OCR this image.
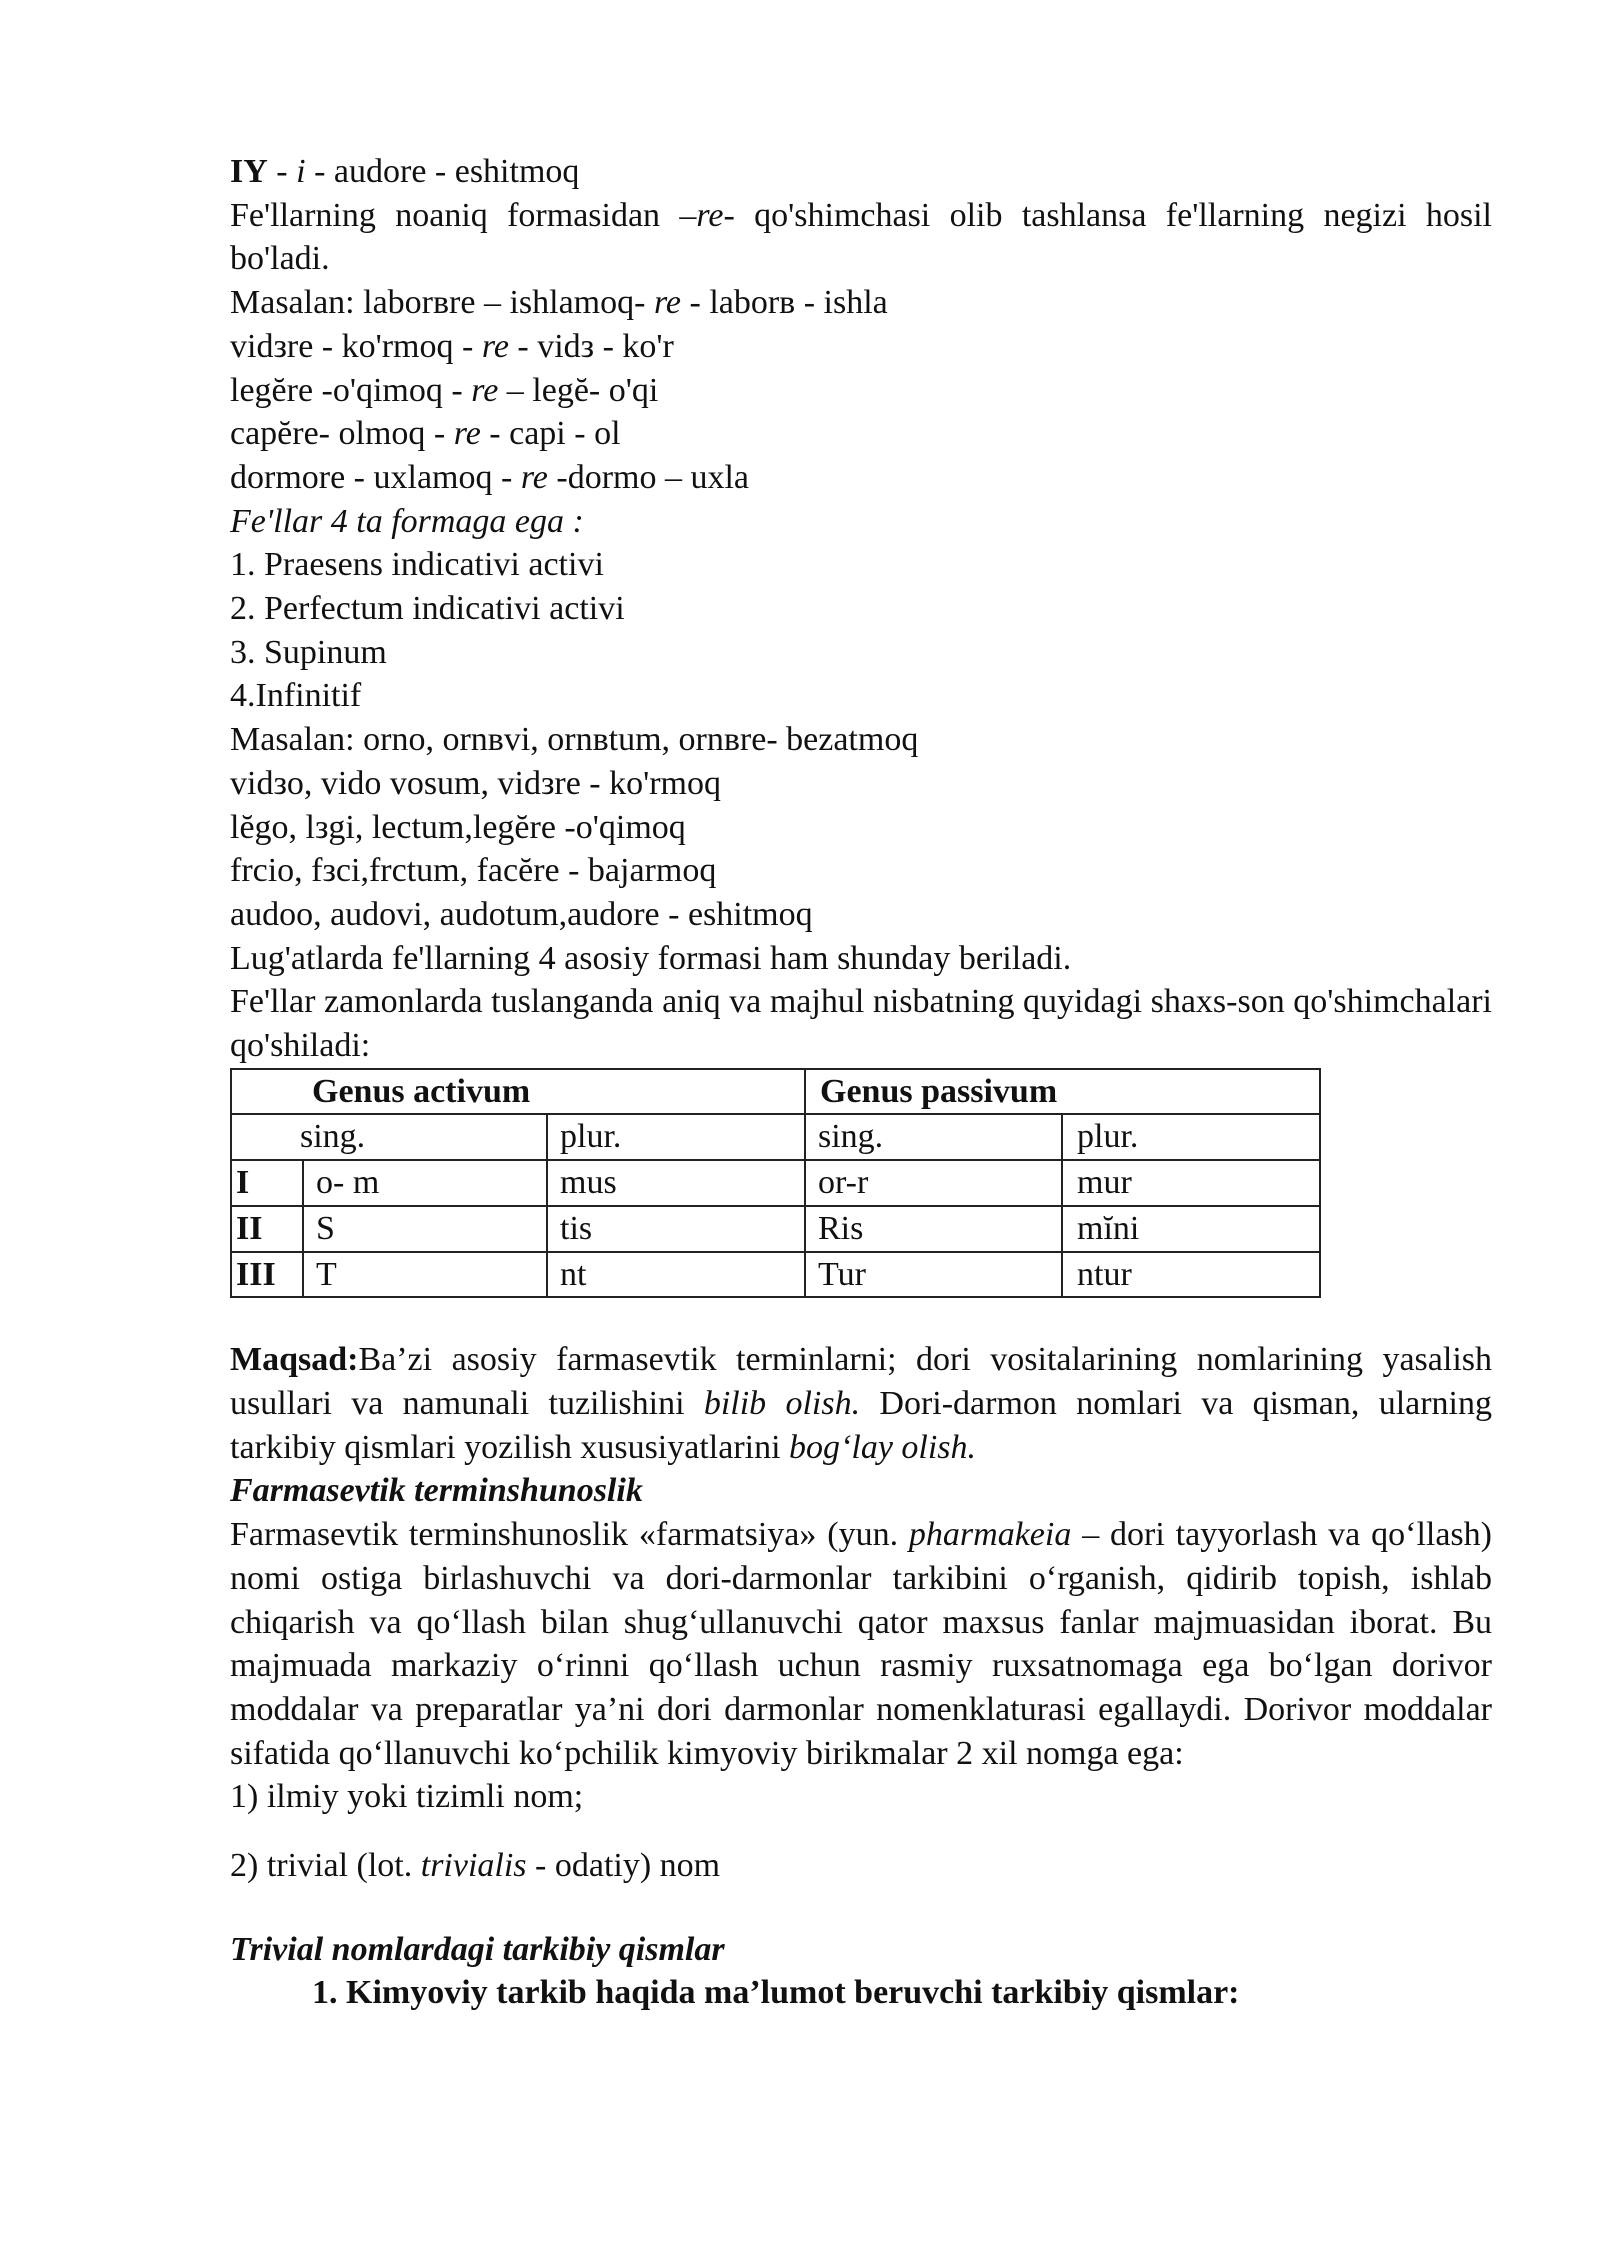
IY - i - audore - eshitmoq
Fe'llarning noaniq formasidan –re- qo'shimchasi olib tashlansa fe'llarning negizi hosil bo'ladi.
Masalan: laborвre – ishlamoq- re - laborв - ishla
vidзre - ko'rmoq - re - vidз - ko'r
legĕre -o'qimoq - re – legĕ- o'qi
capĕre- olmoq - re - capi - ol
dormore - uxlamoq - re -dormo – uxla
Fe'llar 4 ta formaga ega :
1. Praesens indicativi activi
2. Perfectum indicativi activi
3. Supinum
4.Infinitif
Masalan: orno, ornвvi, ornвtum, ornвre- bezatmoq
vidзo, vido vosum, vidзre - ko'rmoq
lĕgo, lзgi, lectum,legĕre -o'qimoq
frсio, fзci,frсtum, facĕre - bajarmoq
audoo, audovi, audotum,audore - eshitmoq
Lug'atlarda fe'llarning 4 asosiy formasi ham shunday beriladi.
Fe'llar zamonlarda tuslanganda aniq va majhul nisbatning quyidagi shaxs-son qo'shimchalari qo'shiladi:
Genus activum			Genus passivum	
sing.		plur.	sing.	plur.
I	o- m	mus	or-r	mur
II	S	tis	Ris	mĭni
III	T	nt	Tur	ntur
Maqsad:Ba’zi asosiy farmasevtik terminlarni; dori vositalarining nomlarining yasalish usullari va namunali tuzilishini bilib olish. Dori-darmon nomlari va qisman, ularning tarkibiy qismlari yozilish xususiyatlarini bog‘lay olish.
Farmasevtik terminshunoslik
Farmasevtik terminshunoslik «farmatsiya» (yun. pharmakeia – dori tayyorlash va qo‘llash) nomi ostiga birlashuvchi va dori-darmonlar tarkibini o‘rganish, qidirib topish, ishlab chiqarish va qo‘llash bilan shug‘ullanuvchi qator maxsus fanlar majmuasidan iborat. Bu majmuada markaziy o‘rinni qo‘llash uchun rasmiy ruxsatnomaga ega bo‘lgan dorivor moddalar va preparatlar ya’ni dori darmonlar nomenklaturasi egallaydi. Dorivor moddalar sifatida qo‘llanuvchi ko‘pchilik kimyoviy birikmalar 2 xil nomga ega:
1) ilmiy yoki tizimli nom;
2) trivial (lot. trivialis - odatiy) nom
Trivial nomlardagi tarkibiy qismlar
1. Kimyoviy tarkib haqida ma’lumot beruvchi tarkibiy qismlar:
